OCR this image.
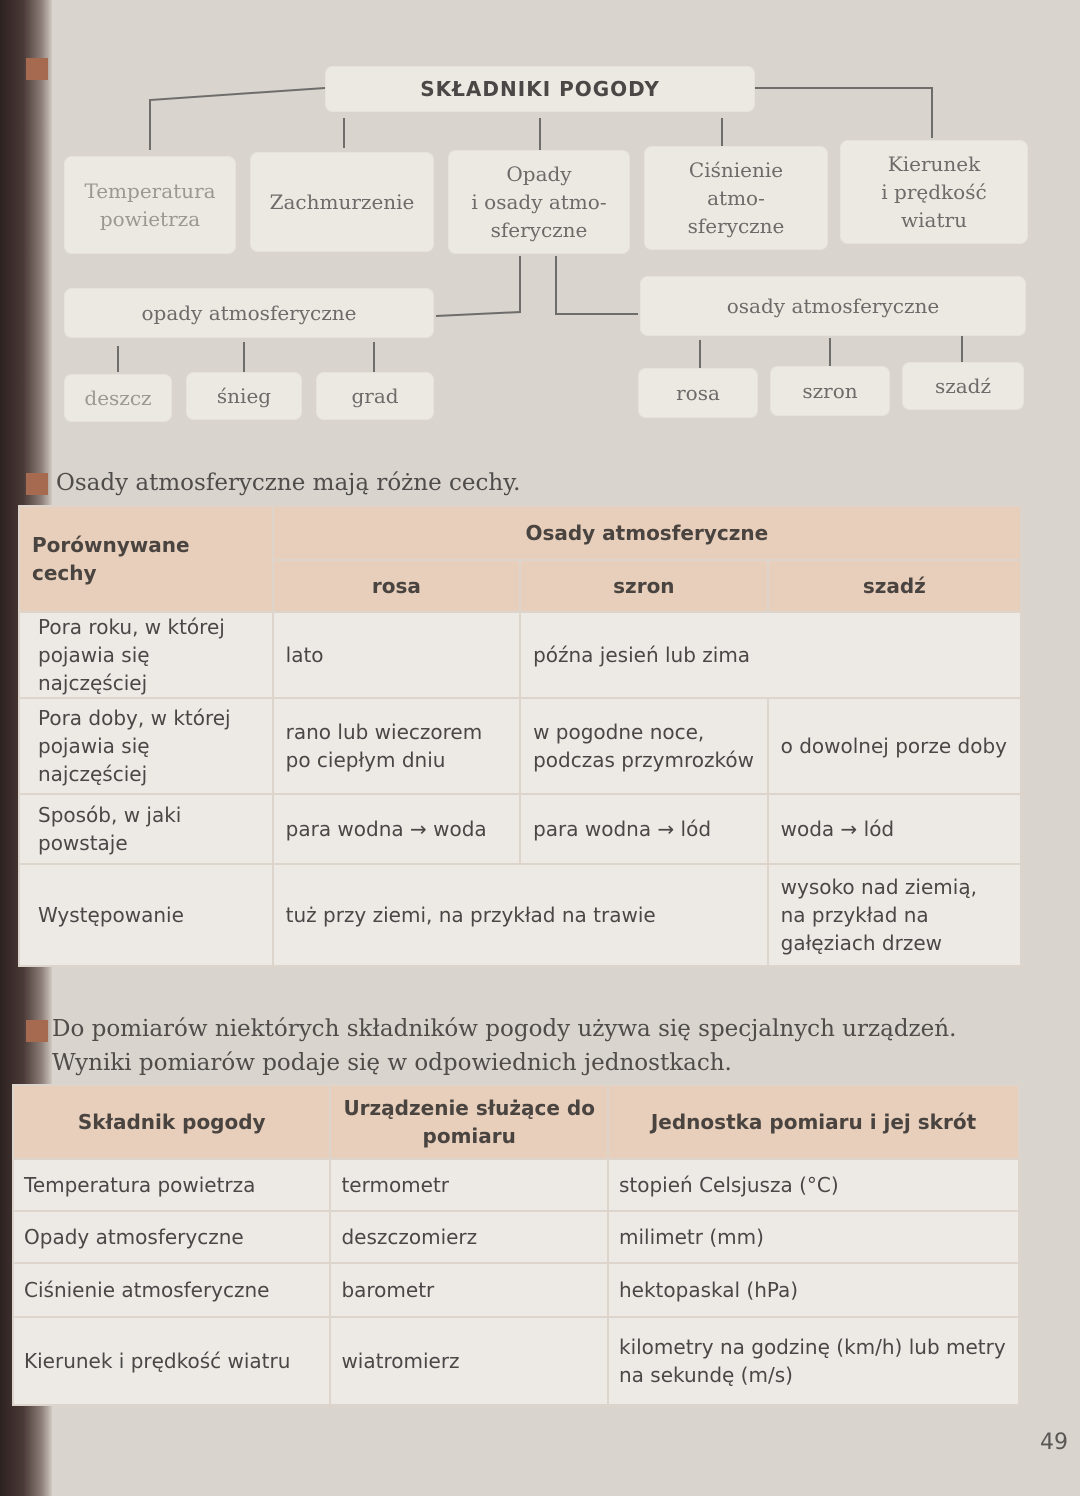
SKŁADNIKI POGODY
Temperatura
powietrza
Zachmurzenie
Opady
i osady atmo-
sferyczne
Ciśnienie
atmo-
sferyczne
Kierunek
i prędkość
wiatru
opady atmosferyczne	osady atmosferyczne
deszcz	śnieg	grad	rosa	szron	szadź
Osady atmosferyczne mają różne cechy.
Porównywane cechy	Osady atmosferyczne		
	rosa	szron	szadź
Pora roku, w której pojawia się najczęściej	lato	późna jesień lub zima	
Pora doby, w której pojawia się najczęściej	rano lub wieczorem po ciepłym dniu	w pogodne noce, podczas przymrozków	o dowolnej porze doby
Sposób, w jaki powstaje	para wodna → woda	para wodna → lód	woda → lód
Występowanie	tuż przy ziemi, na przykład na trawie		wysoko nad ziemią, na przykład na gałęziach drzew
Do pomiarów niektórych składników pogody używa się specjalnych urządzeń. Wyniki pomiarów podaje się w odpowiednich jednostkach.
Składnik pogody	Urządzenie służące do pomiaru	Jednostka pomiaru i jej skrót
Temperatura powietrza	termometr	stopień Celsjusza (°C)
Opady atmosferyczne	deszczomierz	milimetr (mm)
Ciśnienie atmosferyczne	barometr	hektopaskal (hPa)
Kierunek i prędkość wiatru	wiatromierz	kilometry na godzinę (km/h) lub metry na sekundę (m/s)
49
